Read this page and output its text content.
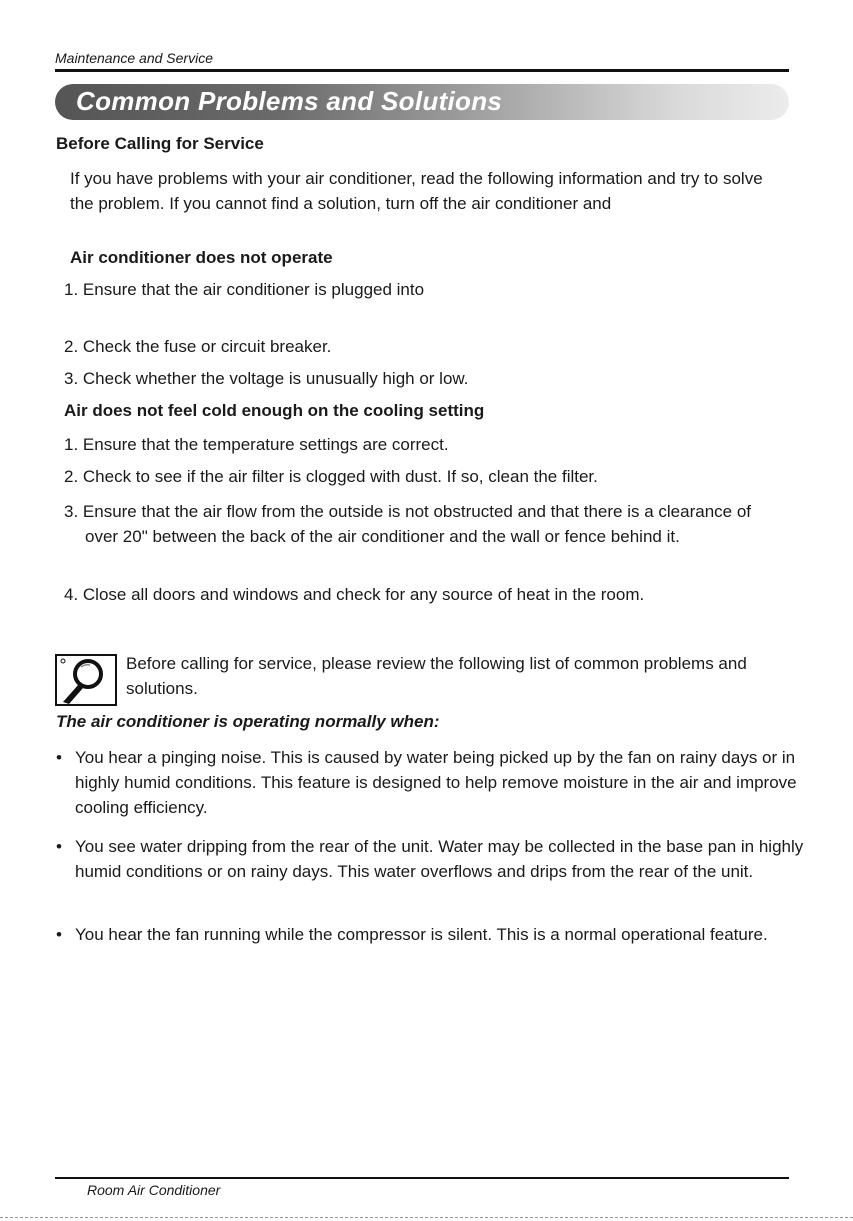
Maintenance and Service
Common Problems and Solutions
Before Calling for Service

If you have problems with your air conditioner, read the following information and try to solve the problem. If you cannot find a solution, turn off the air conditioner and

Air conditioner does not operate

1. Ensure that the air conditioner is plugged into

2. Check the fuse or circuit breaker.

3. Check whether the voltage is unusually high or low.

Air does not feel cold enough on the cooling setting

1. Ensure that the temperature settings are correct.

2. Check to see if the air filter is clogged with dust. If so, clean the filter.

3. Ensure that the air flow from the outside is not obstructed and that there is a clearance of over 20" between the back of the air conditioner and the wall or fence behind it.

4. Close all doors and windows and check for any source of heat in the room.

Before calling for service, please review the following list of common problems and solutions.

The air conditioner is operating normally when:

• You hear a pinging noise. This is caused by water being picked up by the fan on rainy days or in highly humid conditions. This feature is designed to help remove moisture in the air and improve cooling efficiency.

• You see water dripping from the rear of the unit. Water may be collected in the base pan in highly humid conditions or on rainy days. This water overflows and drips from the rear of the unit.

• You hear the fan running while the compressor is silent. This is a normal operational feature.

Room Air Conditioner
